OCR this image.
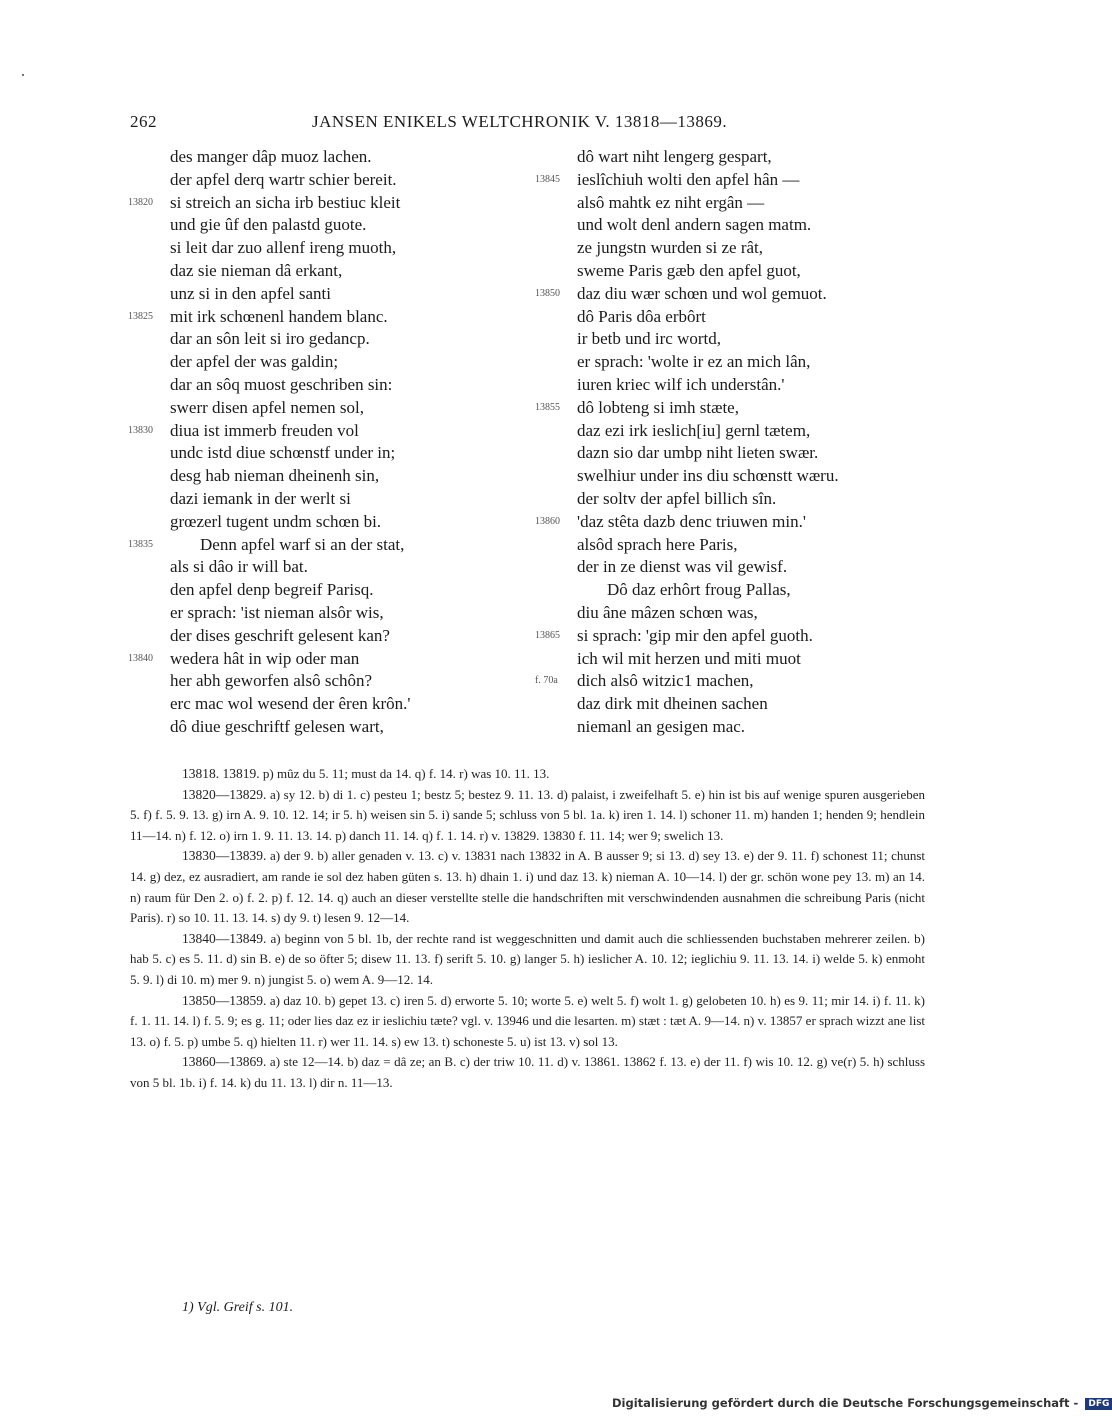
262	JANSEN ENIKELS WELTCHRONIK V. 13818—13869.
des manger dâp muoz lachen.
der apfel derq wartr schier bereit.
13820	si streich an sicha irb bestiuc kleit
und gie ûf den palastd guote.
si leit dar zuo allenf ireng muoth,
daz sie nieman dâ erkant,
unz si in den apfel santi
13825	mit irk schœnenl handem blanc.
dar an sôn leit si iro gedancp.
der apfel der was galdin;
dar an sôq muost geschriben sin:
swerr disen apfel nemen sol,
13830	diua ist immerb freuden vol
undc istd diue schœnstf under in;
desg hab nieman dheinenh sin,
dazi iemank in der werlt si
grœzerl tugent undm schœn bi.
13835	Denn apfel warf si an der stat,
als si dâo ir will bat.
den apfel denp begreif Parisq.
er sprach: 'ist nieman alsôr wis,
der dises geschrift gelesent kan?
13840	wedera hât in wip oder man
her abh geworfen alsô schôn?
erc mac wol wesend der êren krôn.'
dô diue geschriftf gelesen wart,
dô wart niht lengerg gespart,
13845	ieslîchiuh wolti den apfel hân —
alsô mahtk ez niht ergân —
und wolt denl andern sagen matm.
ze jungstn wurden si ze rât,
sweme Paris gæb den apfel guot,
13850	daz diu wær schœn und wol gemuot.
dô Paris dôa erbôrt
ir betb und irc wortd,
er sprach: 'wolte ir ez an mich lân,
iuren kriec wilf ich understân.'
13855	dô lobteng si imh stæte,
daz ezi irk ieslich[iu] gernl tætem,
dazn sio dar umbp niht lieten swær.
swelhiur under ins diu schœnstt wæru.
der soltv der apfel billich sîn.
13860	'daz stêta dazb denc triuwen min.'
alsôd sprach here Paris,
der in ze dienst was vil gewisf.
Dô daz erhôrt froug Pallas,
diu âne mâzen schœn was,
13865	si sprach: 'gip mir den apfel guoth.
ich wil mit herzen und miti muot
f. 70a	dich alsô witzic1 machen,
daz dirk mit dheinen sachen
niemanl an gesigen mac.

13818. 13819. p) mûz du 5. 11; must da 14. q) f. 14. r) was 10. 11. 13.

13820—13829. a) sy 12. b) di 1. c) pesteu 1; bestz 5; bestez 9. 11. 13. d) palaist, i zweifelhaft 5. e) hin ist bis auf wenige spuren ausgerieben 5. f) f. 5. 9. 13. g) irn A. 9. 10. 12. 14; ir 5. h) weisen sin 5. i) sande 5; schluss von 5 bl. 1a. k) iren 1. 14. l) schoner 11. m) handen 1; henden 9; hendlein 11—14. n) f. 12. o) irn 1. 9. 11. 13. 14. p) danch 11. 14. q) f. 1. 14. r) v. 13829. 13830 f. 11. 14; wer 9; swelich 13.

13830—13839. a) der 9. b) aller genaden v. 13. c) v. 13831 nach 13832 in A. B ausser 9; si 13. d) sey 13. e) der 9. 11. f) schonest 11; chunst 14. g) dez, ez ausradiert, am rande ie sol dez haben güten s. 13. h) dhain 1. i) und daz 13. k) nieman A. 10—14. l) der gr. schön wone pey 13. m) an 14. n) raum für Den 2. o) f. 2. p) f. 12. 14. q) auch an dieser verstellte stelle die handschriften mit verschwindenden ausnahmen die schreibung Paris (nicht Paris). r) so 10. 11. 13. 14. s) dy 9. t) lesen 9. 12—14.

13840—13849. a) beginn von 5 bl. 1b, der rechte rand ist weggeschnitten und damit auch die schliessenden buchstaben mehrerer zeilen. b) hab 5. c) es 5. 11. d) sin B. e) de so öfter 5; disew 11. 13. f) serift 5. 10. g) langer 5. h) ieslicher A. 10. 12; ieglichiu 9. 11. 13. 14. i) welde 5. k) enmoht 5. 9. l) di 10. m) mer 9. n) jungist 5. o) wem A. 9—12. 14.

13850—13859. a) daz 10. b) gepet 13. c) iren 5. d) erworte 5. 10; worte 5. e) welt 5. f) wolt 1. g) gelobeten 10. h) es 9. 11; mir 14. i) f. 11. k) f. 1. 11. 14. l) f. 5. 9; es g. 11; oder lies daz ez ir ieslichiu tæte? vgl. v. 13946 und die lesarten. m) stæt : tæt A. 9—14. n) v. 13857 er sprach wizzt ane list 13. o) f. 5. p) umbe 5. q) hielten 11. r) wer 11. 14. s) ew 13. t) schoneste 5. u) ist 13. v) sol 13.

13860—13869. a) ste 12—14. b) daz = dâ ze; an B. c) der triw 10. 11. d) v. 13861. 13862 f. 13. e) der 11. f) wis 10. 12. g) ve(r) 5. h) schluss von 5 bl. 1b. i) f. 14. k) du 11. 13. l) dir n. 11—13.

1) Vgl. Greif s. 101.
Digitalisierung gefördert durch die Deutsche Forschungsgemeinschaft - DFG
